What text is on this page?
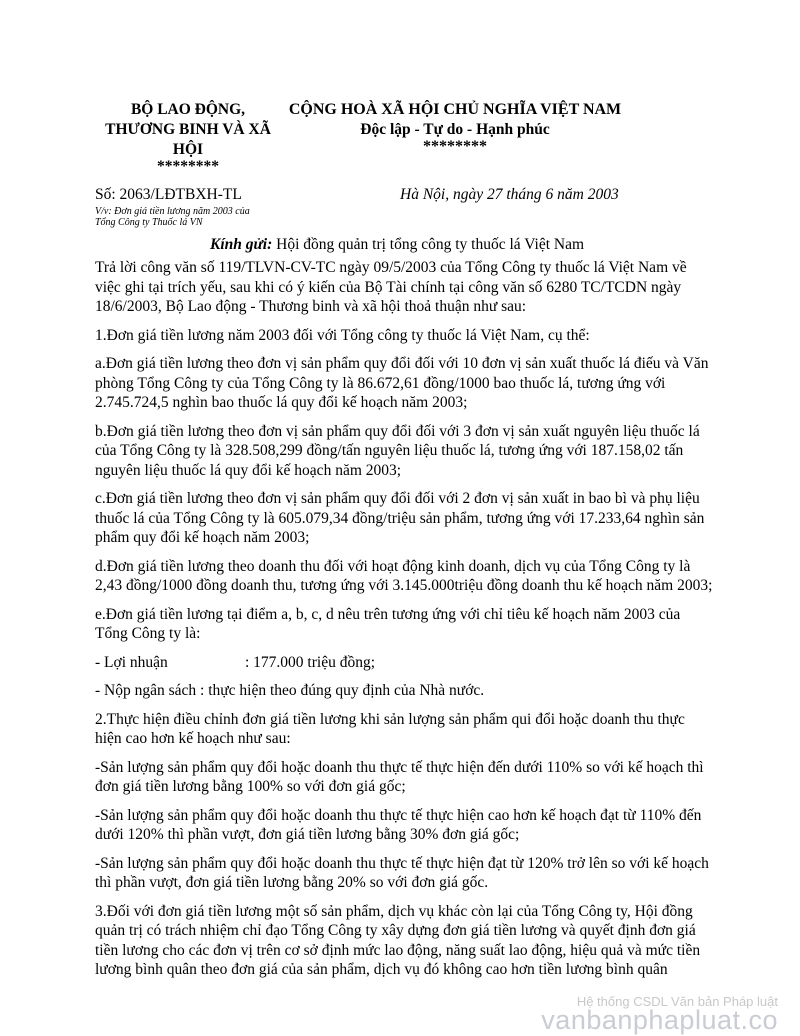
BỘ LAO ĐỘNG,
THƯƠNG BINH VÀ XÃ
HỘI
********
CỘNG HOÀ XÃ HỘI CHỦ NGHĨA VIỆT NAM
Độc lập - Tự do - Hạnh phúc
********
Số: 2063/LĐTBXH-TL
V/v: Đơn giá tiền lương năm 2003 của
Tổng Công ty Thuốc lá VN
Hà Nội, ngày 27 tháng 6 năm 2003
Kính gửi: Hội đồng quản trị tổng công ty thuốc lá Việt Nam

Trả lời công văn số 119/TLVN-CV-TC ngày 09/5/2003 của Tổng Công ty thuốc lá Việt Nam về việc ghi tại trích yếu, sau khi có ý kiến của Bộ Tài chính tại công văn số 6280 TC/TCDN ngày 18/6/2003, Bộ Lao động - Thương binh và xã hội thoả thuận như sau:

1.Đơn giá tiền lương năm 2003 đối với Tổng công ty thuốc lá Việt Nam, cụ thể:

a.Đơn giá tiền lương theo đơn vị sản phẩm quy đổi đối với 10 đơn vị sản xuất thuốc lá điếu và Văn phòng Tổng Công ty của Tổng Công ty là 86.672,61 đồng/1000 bao thuốc lá, tương ứng với 2.745.724,5 nghìn bao thuốc lá quy đổi kế hoạch năm 2003;

b.Đơn giá tiền lương theo đơn vị sản phẩm quy đổi đối với 3 đơn vị sản xuất nguyên liệu thuốc lá của Tổng Công ty là 328.508,299 đồng/tấn nguyên liệu thuốc lá, tương ứng với 187.158,02 tấn nguyên liệu thuốc lá quy đổi kế hoạch năm 2003;

c.Đơn giá tiền lương theo đơn vị sản phẩm quy đổi đối với 2 đơn vị sản xuất in bao bì và phụ liệu thuốc lá của Tổng Công ty là 605.079,34 đồng/triệu sản phẩm, tương ứng với 17.233,64 nghìn sản phẩm quy đổi kế hoạch năm 2003;

d.Đơn giá tiền lương theo doanh thu đối với hoạt động kinh doanh, dịch vụ của Tổng Công ty là 2,43 đồng/1000 đồng doanh thu, tương ứng với 3.145.000triệu đồng doanh thu kế hoạch năm 2003;

e.Đơn giá tiền lương tại điểm a, b, c, d nêu trên tương ứng với chỉ tiêu kế hoạch năm 2003 của Tổng Công ty là:

- Lợi nhuận	: 177.000 triệu đồng;

- Nộp ngân sách : thực hiện theo đúng quy định của Nhà nước.

2.Thực hiện điều chỉnh đơn giá tiền lương khi sản lượng sản phẩm qui đổi hoặc doanh thu thực hiện cao hơn kế hoạch như sau:

-Sản lượng sản phẩm quy đổi hoặc doanh thu thực tế thực hiện đến dưới 110% so với kế hoạch thì đơn giá tiền lương bằng 100% so với đơn giá gốc;

-Sản lượng sản phẩm quy đổi hoặc doanh thu thực tế thực hiện cao hơn kế hoạch đạt từ 110% đến dưới 120% thì phần vượt, đơn giá tiền lương bằng 30% đơn giá gốc;

-Sản lượng sản phẩm quy đổi hoặc doanh thu thực tế thực hiện đạt từ 120% trở lên so với kế hoạch thì phần vượt, đơn giá tiền lương bằng 20% so với đơn giá gốc.

3.Đối với đơn giá tiền lương một số sản phẩm, dịch vụ khác còn lại của Tổng Công ty, Hội đồng quản trị có trách nhiệm chỉ đạo Tổng Công ty xây dựng đơn giá tiền lương và quyết định đơn giá tiền lương cho các đơn vị trên cơ sở định mức lao động, năng suất lao động, hiệu quả và mức tiền lương bình quân theo đơn giá của sản phẩm, dịch vụ đó không cao hơn tiền lương bình quân

Hệ thống CSDL Văn bản Pháp luật
vanbanphapluat.co
